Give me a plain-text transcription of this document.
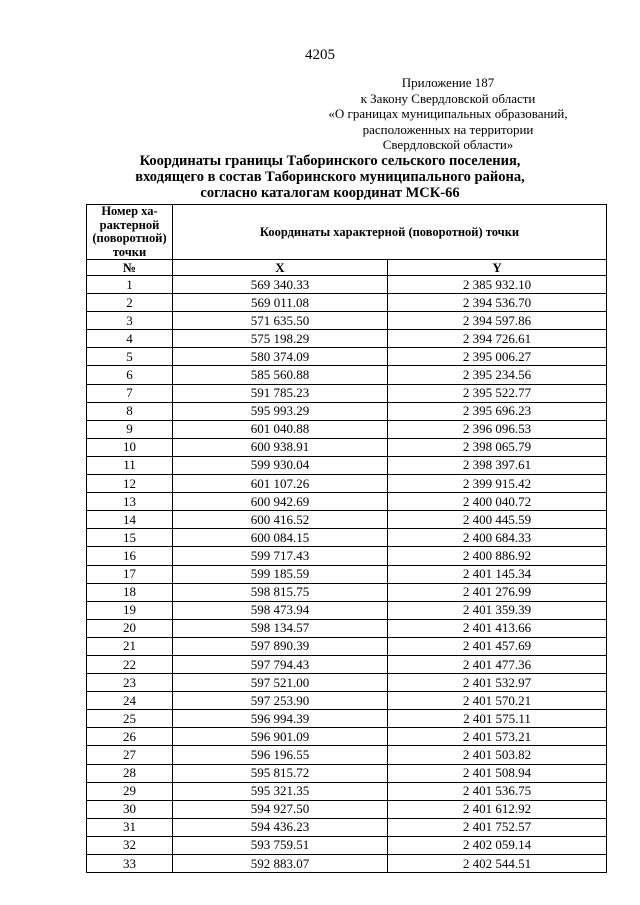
4205
Приложение 187
к Закону Свердловской области
«О границах муниципальных образований,
расположенных на территории
Свердловской области»
Координаты границы Таборинского сельского поселения,
входящего в состав Таборинского муниципального района,
согласно каталогам координат МСК-66
Номер ха-рактерной (поворотной) точки	Координаты характерной (поворотной) точки	
№	X	Y
1	569 340.33	2 385 932.10
2	569 011.08	2 394 536.70
3	571 635.50	2 394 597.86
4	575 198.29	2 394 726.61
5	580 374.09	2 395 006.27
6	585 560.88	2 395 234.56
7	591 785.23	2 395 522.77
8	595 993.29	2 395 696.23
9	601 040.88	2 396 096.53
10	600 938.91	2 398 065.79
11	599 930.04	2 398 397.61
12	601 107.26	2 399 915.42
13	600 942.69	2 400 040.72
14	600 416.52	2 400 445.59
15	600 084.15	2 400 684.33
16	599 717.43	2 400 886.92
17	599 185.59	2 401 145.34
18	598 815.75	2 401 276.99
19	598 473.94	2 401 359.39
20	598 134.57	2 401 413.66
21	597 890.39	2 401 457.69
22	597 794.43	2 401 477.36
23	597 521.00	2 401 532.97
24	597 253.90	2 401 570.21
25	596 994.39	2 401 575.11
26	596 901.09	2 401 573.21
27	596 196.55	2 401 503.82
28	595 815.72	2 401 508.94
29	595 321.35	2 401 536.75
30	594 927.50	2 401 612.92
31	594 436.23	2 401 752.57
32	593 759.51	2 402 059.14
33	592 883.07	2 402 544.51
